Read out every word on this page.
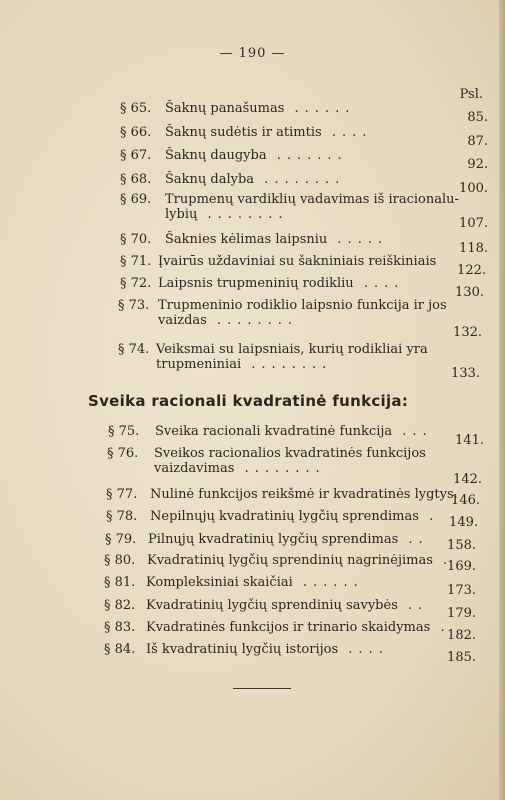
— 190 —
Psl.
§ 65. Šaknų panašumas ......
85.
§ 66. Šaknų sudėtis ir atimtis ....
87.
§ 67. Šaknų daugyba .......
92.
§ 68. Šaknų dalyba ........
100.
§ 69. Trupmenų vardiklių vadavimas iš iracionalu-
lybių ........
107.
§ 70. Šaknies kėlimas laipsniu .....
118.
§ 71. Įvairūs uždaviniai su šakniniais reiškiniais
122.
§ 72. Laipsnis trupmeninių rodikliu ....
130.
§ 73. Trupmeninio rodiklio laipsnio funkcija ir jos
vaizdas ........
132.
§ 74. Veiksmai su laipsniais, kurių rodikliai yra
trupmeniniai ........
133.
Sveika racionali kvadratinė funkcija:
§ 75. Sveika racionali kvadratinė funkcija ...
141.
§ 76. Sveikos racionalios kvadratinės funkcijos
vaizdavimas ........
142.
§ 77. Nulinė funkcijos reikšmė ir kvadratinės lygtys.
146.
§ 78. Nepilnųjų kvadratinių lygčių sprendimas . 149.
§ 79. Pilnųjų kvadratinių lygčių sprendimas .. 158.
§ 80. Kvadratinių lygčių sprendinių nagrinėjimas .
169.
§ 81. Kompleksiniai skaičiai ......
173.
§ 82. Kvadratinių lygčių sprendinių savybės ..
179.
§ 83. Kvadratinės funkcijos ir trinario skaidymas .
182.
§ 84. Iš kvadratinių lygčių istorijos ....
185.
